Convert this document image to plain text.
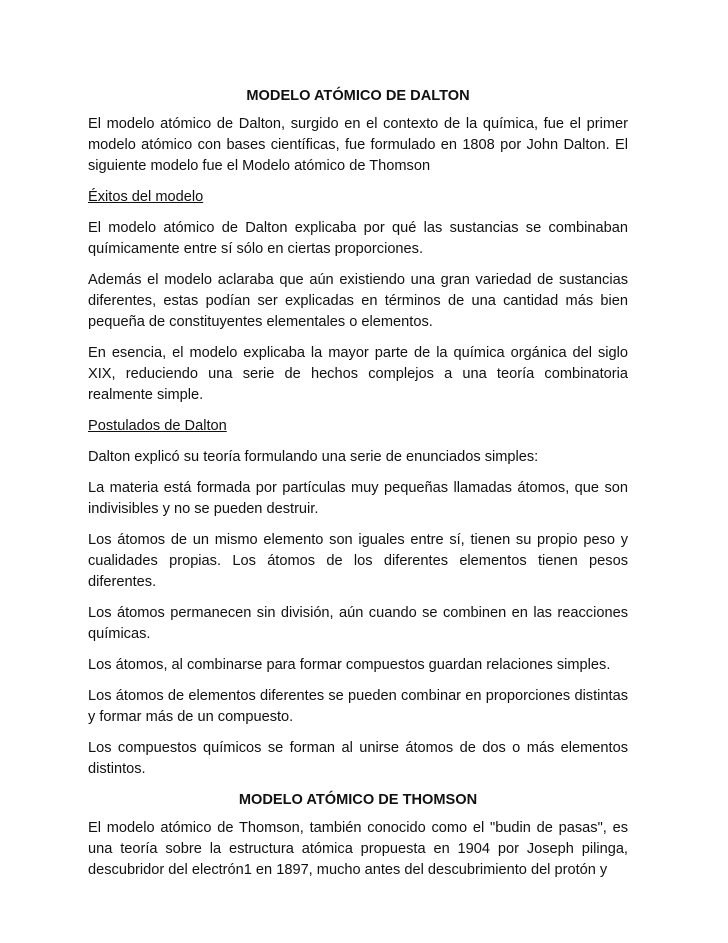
MODELO ATÓMICO DE DALTON
El modelo atómico de Dalton, surgido en el contexto de la química, fue el primer modelo atómico con bases científicas, fue formulado en 1808 por John Dalton. El siguiente modelo fue el Modelo atómico de Thomson
Éxitos del modelo
El modelo atómico de Dalton explicaba por qué las sustancias se combinaban químicamente entre sí sólo en ciertas proporciones.
Además el modelo aclaraba que aún existiendo una gran variedad de sustancias diferentes, estas podían ser explicadas en términos de una cantidad más bien pequeña de constituyentes elementales o elementos.
En esencia, el modelo explicaba la mayor parte de la química orgánica del siglo XIX, reduciendo una serie de hechos complejos a una teoría combinatoria realmente simple.
Postulados de Dalton
Dalton explicó su teoría formulando una serie de enunciados simples:
La materia está formada por partículas muy pequeñas llamadas átomos, que son indivisibles y no se pueden destruir.
Los átomos de un mismo elemento son iguales entre sí, tienen su propio peso y cualidades propias. Los átomos de los diferentes elementos tienen pesos diferentes.
Los átomos permanecen sin división, aún cuando se combinen en las reacciones químicas.
Los átomos, al combinarse para formar compuestos guardan relaciones simples.
Los átomos de elementos diferentes se pueden combinar en proporciones distintas y formar más de un compuesto.
Los compuestos químicos se forman al unirse átomos de dos o más elementos distintos.
MODELO ATÓMICO DE THOMSON
El modelo atómico de Thomson, también conocido como el "budin de pasas", es una teoría sobre la estructura atómica propuesta en 1904 por Joseph pilinga, descubridor del electrón1 en 1897, mucho antes del descubrimiento del protón y
